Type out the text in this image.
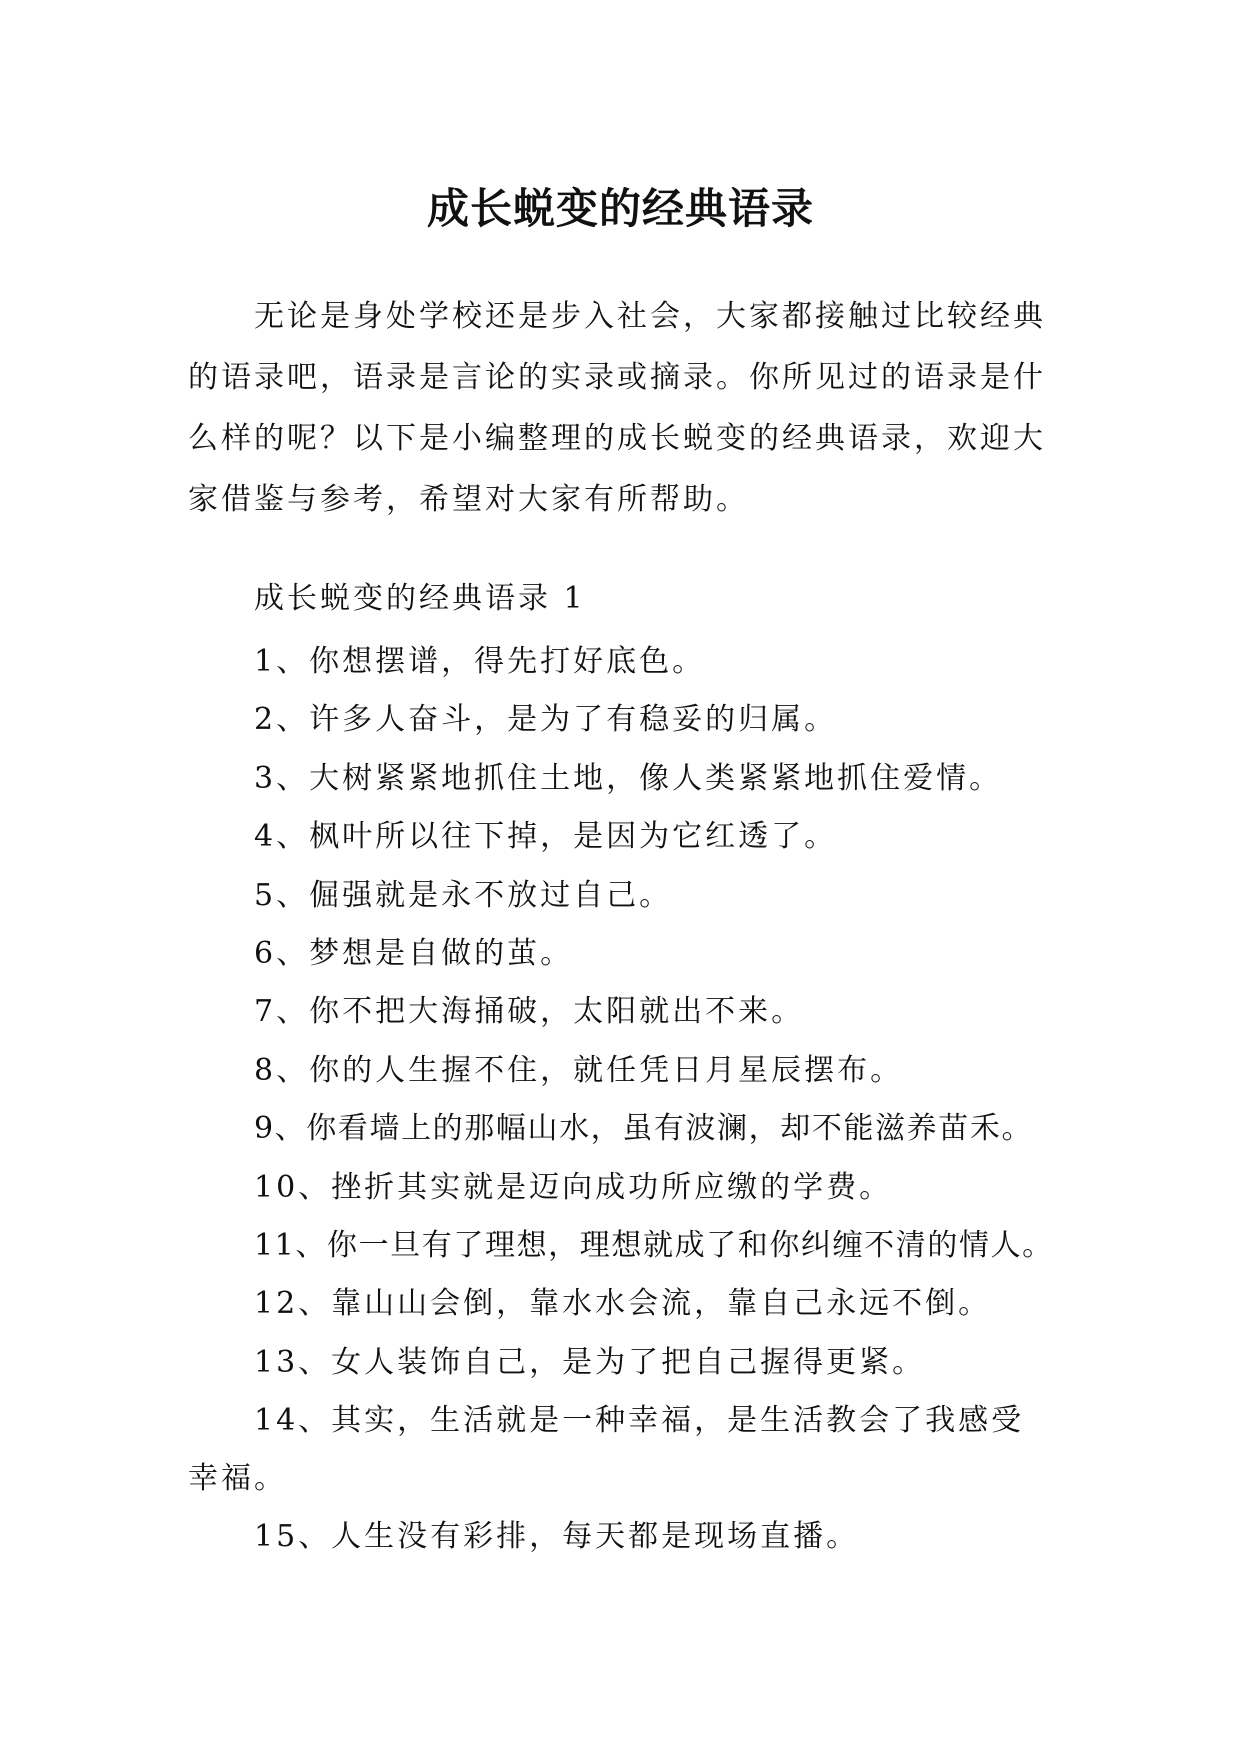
成长蜕变的经典语录

无论是身处学校还是步入社会，大家都接触过比较经典的语录吧，语录是言论的实录或摘录。你所见过的语录是什么样的呢？以下是小编整理的成长蜕变的经典语录，欢迎大家借鉴与参考，希望对大家有所帮助。

成长蜕变的经典语录 1

1、你想摆谱，得先打好底色。
2、许多人奋斗，是为了有稳妥的归属。
3、大树紧紧地抓住土地，像人类紧紧地抓住爱情。
4、枫叶所以往下掉，是因为它红透了。
5、倔强就是永不放过自己。
6、梦想是自做的茧。
7、你不把大海捅破，太阳就出不来。
8、你的人生握不住，就任凭日月星辰摆布。
9、你看墙上的那幅山水，虽有波澜，却不能滋养苗禾。
10、挫折其实就是迈向成功所应缴的学费。
11、你一旦有了理想，理想就成了和你纠缠不清的情人。
12、靠山山会倒，靠水水会流，靠自己永远不倒。
13、女人装饰自己，是为了把自己握得更紧。
14、其实，生活就是一种幸福，是生活教会了我感受幸福。
15、人生没有彩排，每天都是现场直播。
